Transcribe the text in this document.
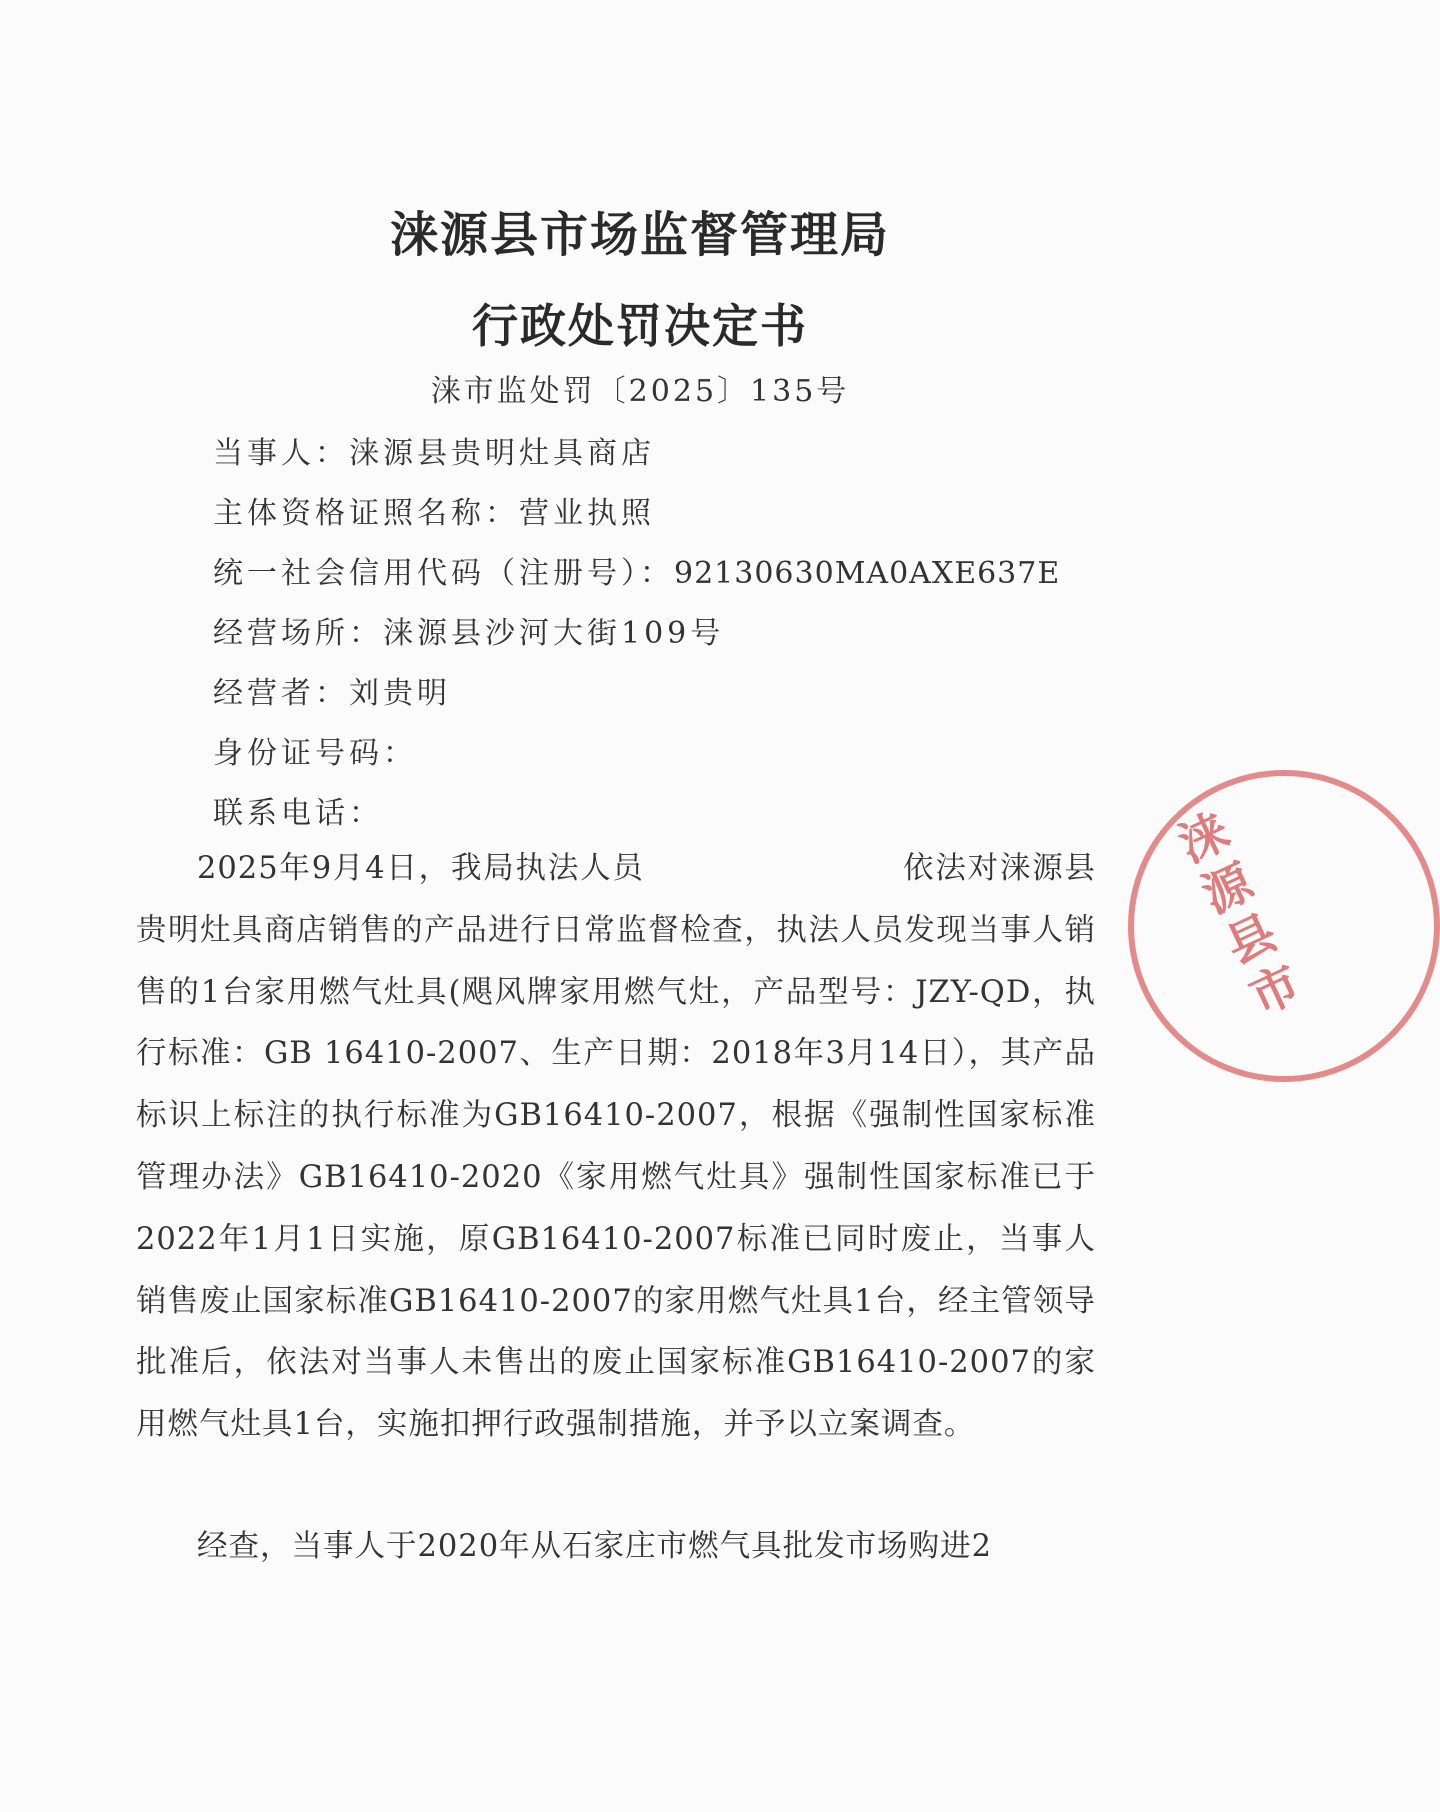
涞源县市场监督管理局
行政处罚决定书
涞市监处罚〔2025〕135号
当事人：涞源县贵明灶具商店
主体资格证照名称：营业执照
统一社会信用代码（注册号）：92130630MA0AXE637E
经营场所：涞源县沙河大街109号
经营者：刘贵明
身份证号码：
联系电话：

2025年9月4日，我局执法人员　　　　　　　　依法对涞源县贵明灶具商店销售的产品进行日常监督检查，执法人员发现当事人销售的1台家用燃气灶具(飓风牌家用燃气灶，产品型号：JZY-QD，执行标准：GB 16410-2007、生产日期：2018年3月14日），其产品标识上标注的执行标准为GB16410-2007，根据《强制性国家标准管理办法》GB16410-2020《家用燃气灶具》强制性国家标准已于2022年1月1日实施，原GB16410-2007标准已同时废止，当事人销售废止国家标准GB16410-2007的家用燃气灶具1台，经主管领导批准后，依法对当事人未售出的废止国家标准GB16410-2007的家用燃气灶具1台，实施扣押行政强制措施，并予以立案调查。

经查，当事人于2020年从石家庄市燃气具批发市场购进2

涞源县市
